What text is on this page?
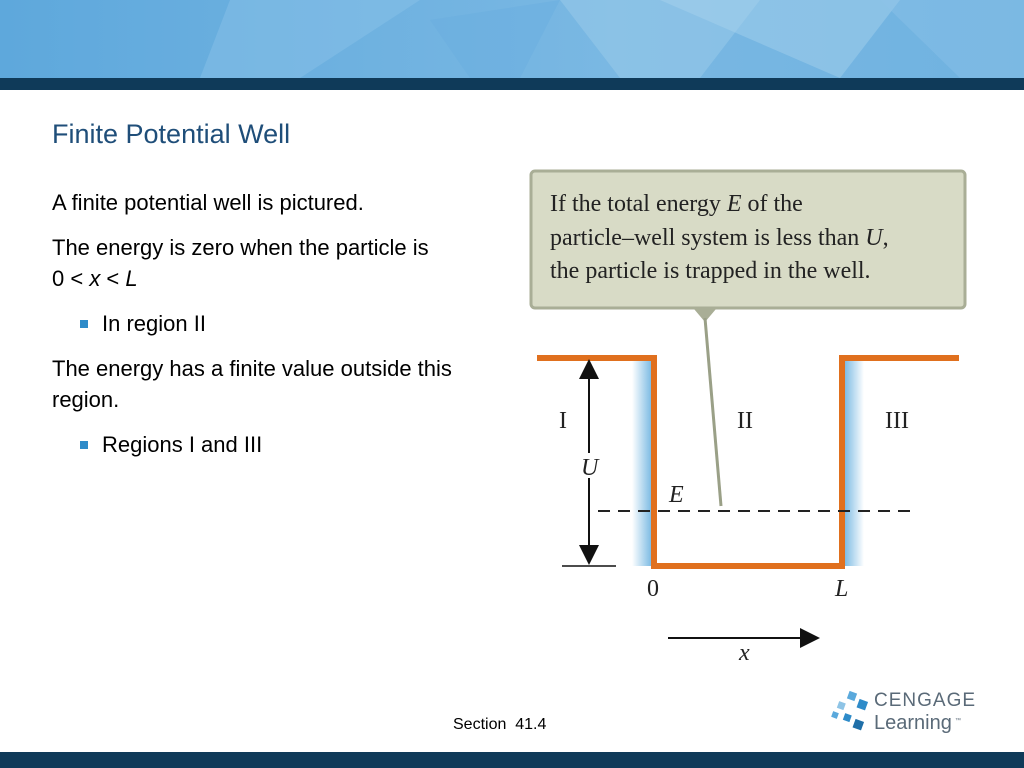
Finite Potential Well

A finite potential well is pictured.

The energy is zero when the particle is
0 < x < L

In region II

The energy has a finite value outside this region.

Regions I and III
If the total energy E of the
particle–well system is less than U,
the particle is trapped in the well.
I	II	III
U
E
0	L
x
Section  41.4
CENGAGE
Learning ™
